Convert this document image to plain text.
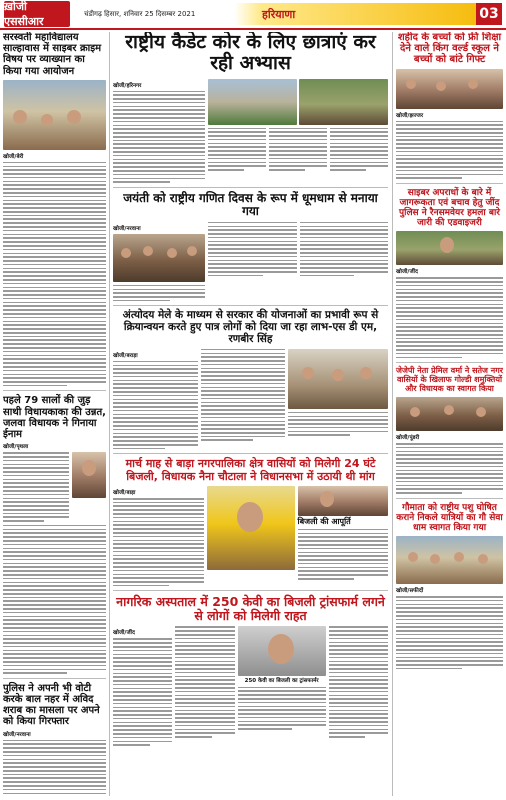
ख़ोजी एससीआर
चंडीगढ़ हिसार, शनिवार 25 दिसम्बर 2021	हरियाणा	03
सरस्वती महाविद्यालय साल्हावास में साइबर क्राइम विषय पर व्याख्यान का किया गया आयोजन
खोजी/बेरी
पहले 79 सालों की जुड़ साथी विधायकाका की उन्नत, जलवा विधायक ने गिनाया ईनाम
खोजी/पृथला
पुलिस ने अपनी भी वोटी करके बाल नहर में अविद शराब का मासला पर अपने को किया गिरफ्तार
खोजी/नरवाना
राष्ट्रीय कैडेट कोर के लिए छात्राएं कर रही अभ्यास
खोजी/हरिनगर
जयंती को राष्ट्रीय गणित दिवस के रूप में धूमधाम से मनाया गया
खोजी/नरवाना
अंत्योदय मेले के माध्यम से सरकार की योजनाओं का प्रभावी रूप से क्रियान्वयन करते हुए पात्र लोगों को दिया जा रहा लाभ-एस डी एम, रणबीर सिंह
खोजी/बराड़ा
मार्च माह से बाड़ा नगरपालिका क्षेत्र वासियों को मिलेगी 24 घंटे बिजली, विधायक नैना चौटाला ने विधानसभा में उठायी थी मांग
खोजी/बाड़ा
बिजली की आपूर्ति
नागरिक अस्पताल में 250 केवी का बिजली ट्रांसफार्म लगने से लोगों को मिलेगी राहत
खोजी/जींद
250 केवी का बिजली का ट्रांसफार्मर
शहीद के बच्चों को फ्री शिक्षा देने वाले किंग वर्ल्ड स्कूल ने बच्चों को बांटे गिफ्ट
खोजी/झज्जर
साइबर अपराधों के बारे में जागरूकता एवं बचाव हेतु जींद पुलिस ने रैनसमवेयर हमला बारे जारी की एडवाइजरी
खोजी/जींद
जेजेपी नेता प्रेमिल वर्मा ने सतेज नगर वासियों के खिलाफ गोल्डी शमुक्तियों और विधायक का स्वागत किया
खोजी/पूंडरी
गौमाता को राष्ट्रीय पशु घोषित कराने निकले यात्रियों का गौ सेवा धाम स्वागत किया गया
खोजी/सफीदों
